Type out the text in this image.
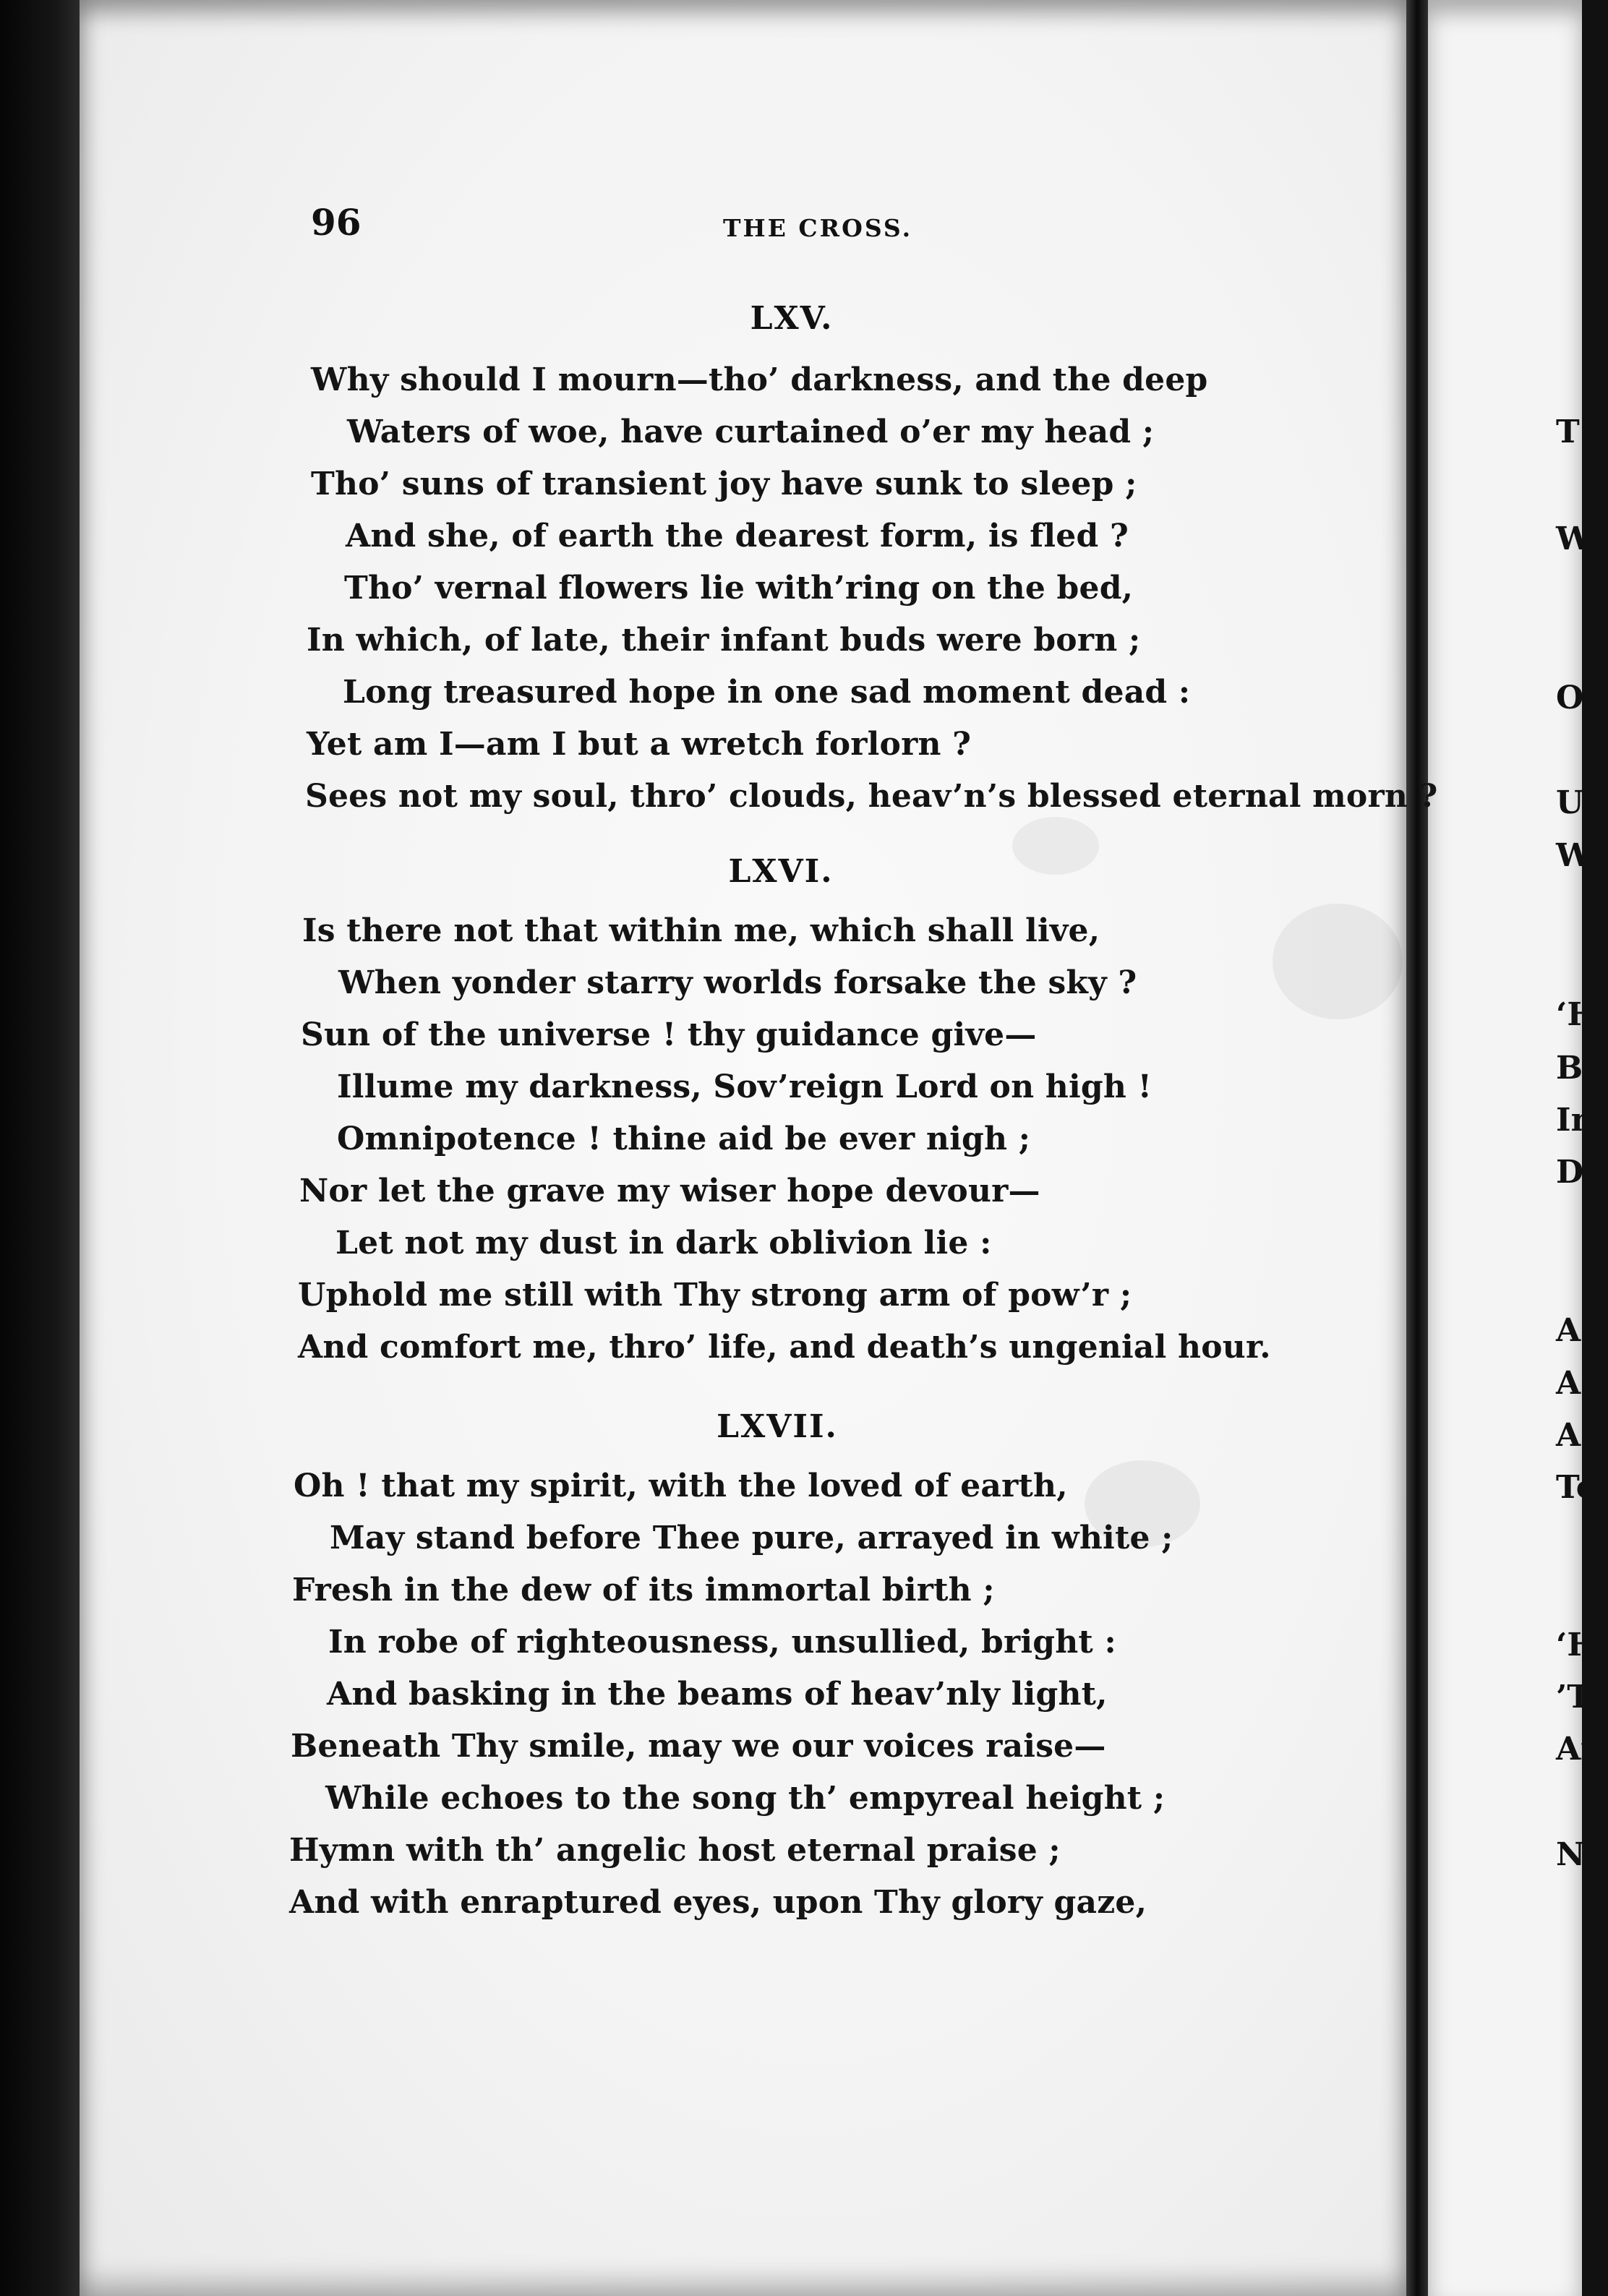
96	THE CROSS.
LXV.
Why should I mourn—tho’ darkness, and the deep
Waters of woe, have curtained o’er my head ;
Tho’ suns of transient joy have sunk to sleep ;
And she, of earth the dearest form, is fled ?
Tho’ vernal flowers lie with’ring on the bed,
In which, of late, their infant buds were born ;
Long treasured hope in one sad moment dead :
Yet am I—am I but a wretch forlorn ?
Sees not my soul, thro’ clouds, heav’n’s blessed eternal morn ?
LXVI.
Is there not that within me, which shall live,
When yonder starry worlds forsake the sky ?
Sun of the universe ! thy guidance give—
Illume my darkness, Sov’reign Lord on high !
Omnipotence ! thine aid be ever nigh ;
Nor let the grave my wiser hope devour—
Let not my dust in dark oblivion lie :
Uphold me still with Thy strong arm of pow’r ;
And comfort me, thro’ life, and death’s ungenial hour.
LXVII.
Oh ! that my spirit, with the loved of earth,
May stand before Thee pure, arrayed in white ;
Fresh in the dew of its immortal birth ;
In robe of righteousness, unsullied, bright :
And basking in the beams of heav’nly light,
Beneath Thy smile, may we our voices raise—
While echoes to the song th’ empyreal height ;
Hymn with th’ angelic host eternal praise ;
And with enraptured eyes, upon Thy glory gaze,
T
W
O
U
W
‘H
Be
In
D
A
A
A
To
‘H
’T
Ar
Nu
